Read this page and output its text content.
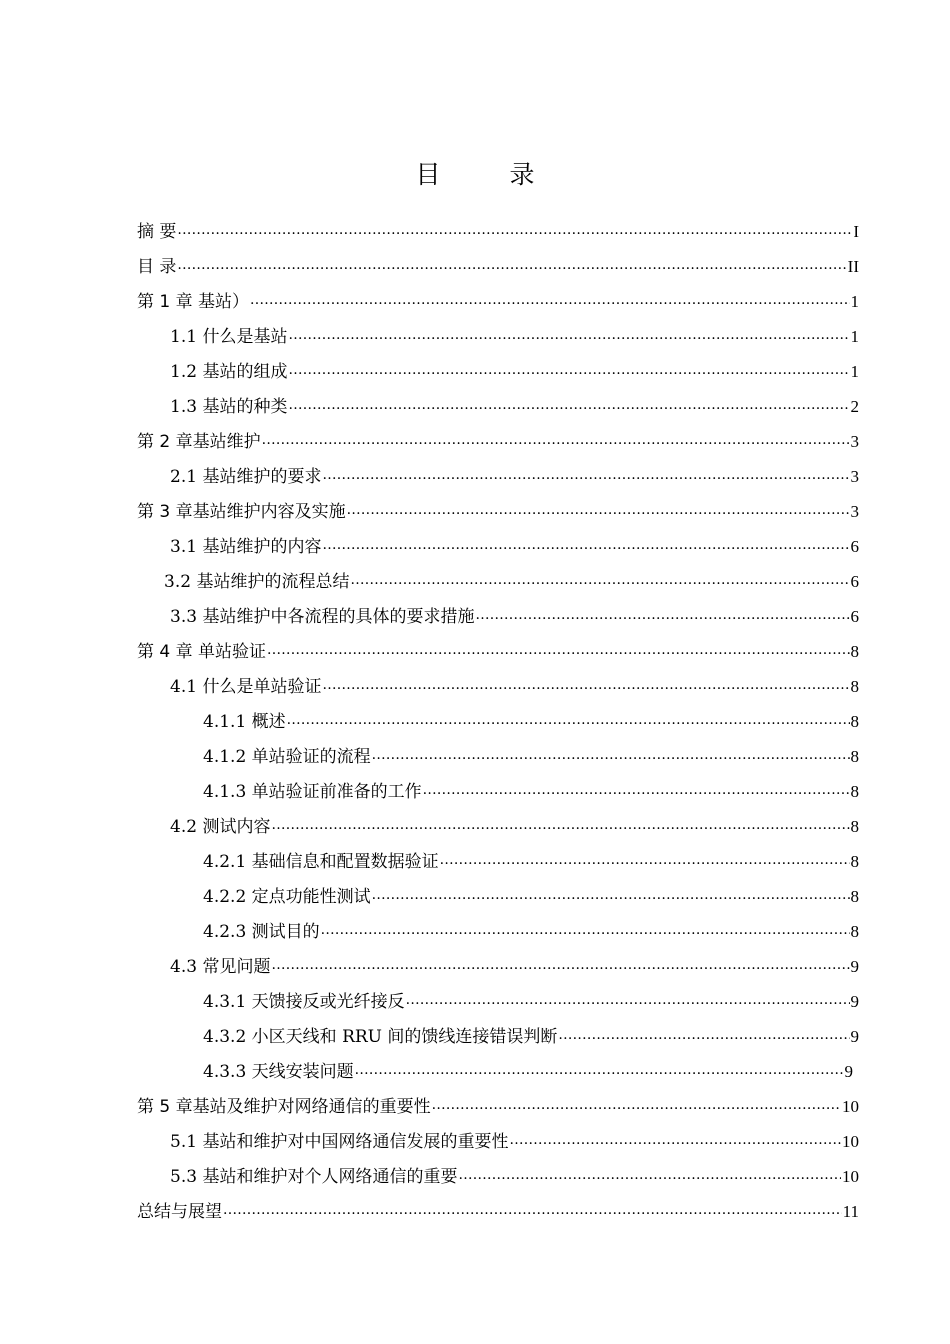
目　录
摘 要 .....	I
目 录 .....	II
第 1 章 基站） .....	1
1.1 什么是基站 .....	1
1.2 基站的组成 .....	1
1.3 基站的种类 .....	2
第 2 章基站维护 .....	3
2.1 基站维护的要求 .....	3
第 3 章基站维护内容及实施 .....	3
3.1 基站维护的内容 .....	6
3.2 基站维护的流程总结 .....	6
3.3 基站维护中各流程的具体的要求措施 .....	6
第 4 章 单站验证 .....	8
4.1 什么是单站验证 .....	8
4.1.1 概述 .....	8
4.1.2 单站验证的流程 .....	8
4.1.3 单站验证前准备的工作 .....	8
4.2 测试内容 .....	8
4.2.1 基础信息和配置数据验证 .....	8
4.2.2 定点功能性测试 .....	8
4.2.3 测试目的 .....	8
4.3 常见问题 .....	9
4.3.1 天馈接反或光纤接反 .....	9
4.3.2 小区天线和 RRU 间的馈线连接错误判断 .....	9
4.3.3 天线安装问题 .....	9
第 5 章基站及维护对网络通信的重要性 .....	10
5.1 基站和维护对中国网络通信发展的重要性 .....	10
5.3 基站和维护对个人网络通信的重要 .....	10
总结与展望 .....	11
